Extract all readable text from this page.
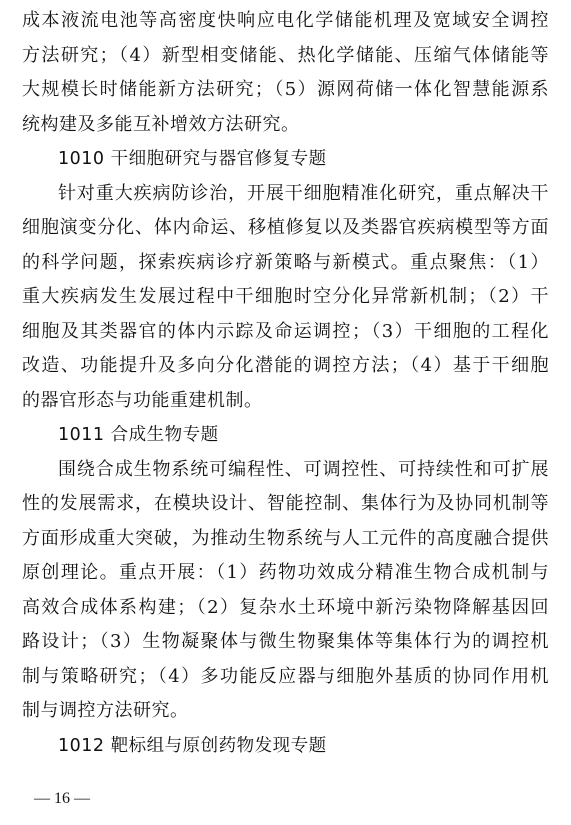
成本液流电池等高密度快响应电化学储能机理及宽域安全调控
方法研究；（4）新型相变储能、热化学储能、压缩气体储能等
大规模长时储能新方法研究；（5）源网荷储一体化智慧能源系
统构建及多能互补增效方法研究。
1010 干细胞研究与器官修复专题
针对重大疾病防诊治，开展干细胞精准化研究，重点解决干
细胞演变分化、体内命运、移植修复以及类器官疾病模型等方面
的科学问题，探索疾病诊疗新策略与新模式。重点聚焦：（1）
重大疾病发生发展过程中干细胞时空分化异常新机制；（2）干
细胞及其类器官的体内示踪及命运调控；（3）干细胞的工程化
改造、功能提升及多向分化潜能的调控方法；（4）基于干细胞
的器官形态与功能重建机制。
1011 合成生物专题
围绕合成生物系统可编程性、可调控性、可持续性和可扩展
性的发展需求，在模块设计、智能控制、集体行为及协同机制等
方面形成重大突破，为推动生物系统与人工元件的高度融合提供
原创理论。重点开展：（1）药物功效成分精准生物合成机制与
高效合成体系构建；（2）复杂水土环境中新污染物降解基因回
路设计；（3）生物凝聚体与微生物聚集体等集体行为的调控机
制与策略研究；（4）多功能反应器与细胞外基质的协同作用机
制与调控方法研究。
1012 靶标组与原创药物发现专题
— 16 —
